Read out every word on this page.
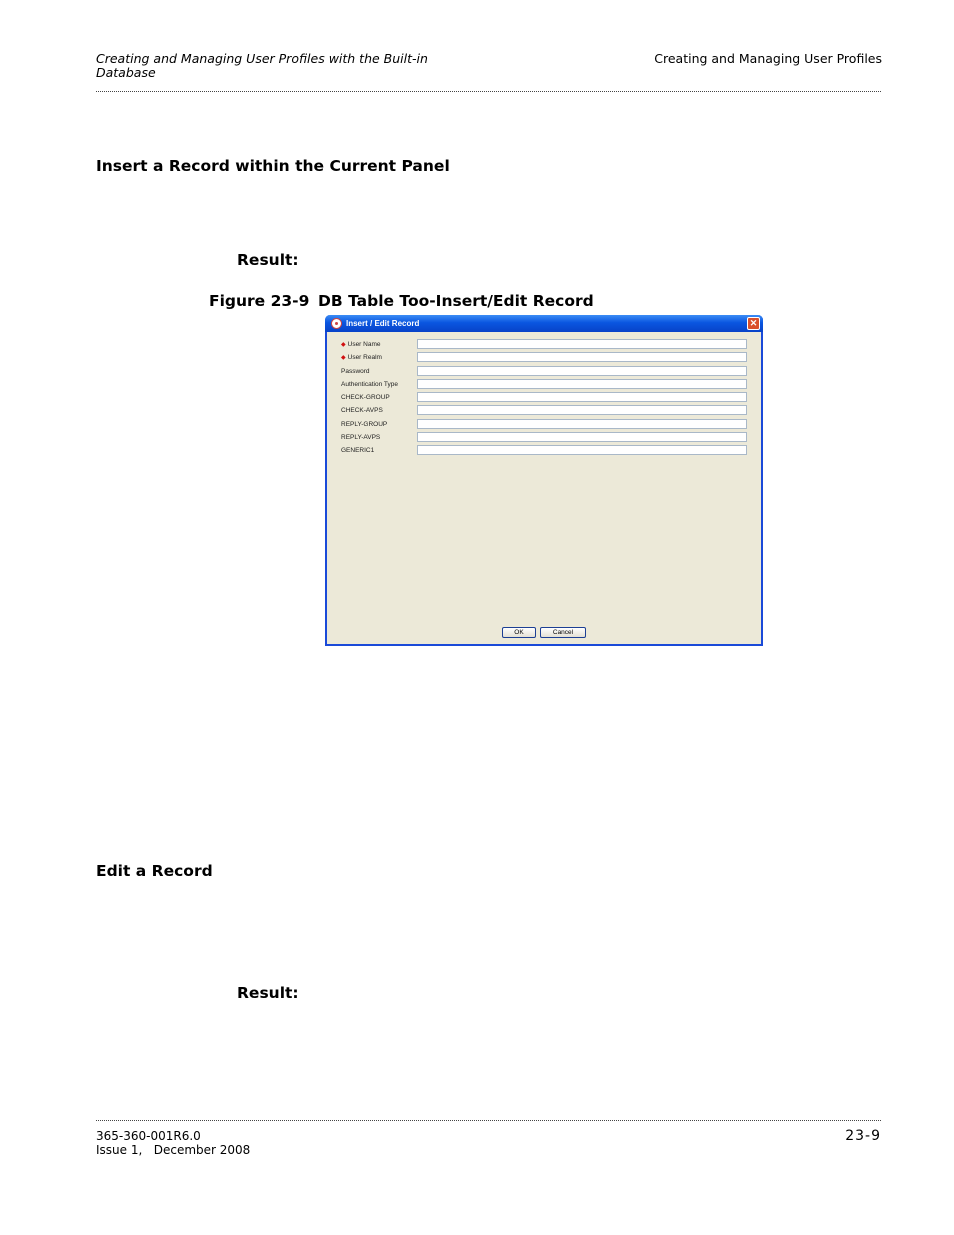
Creating and Managing User Profiles with the Built-in Database
Creating and Managing User Profiles
Insert a Record within the Current Panel
Result:
Figure 23-9 DB Table Too-Insert/Edit Record
Insert / Edit Record	✕
◆ User Name
◆ User Realm
Password
Authentication Type
CHECK-GROUP
CHECK-AVPS
REPLY-GROUP
REPLY-AVPS
GENERIC1
OK	Cancel
Edit a Record
Result:
365-360-001R6.0
Issue 1,   December 2008
23-9
